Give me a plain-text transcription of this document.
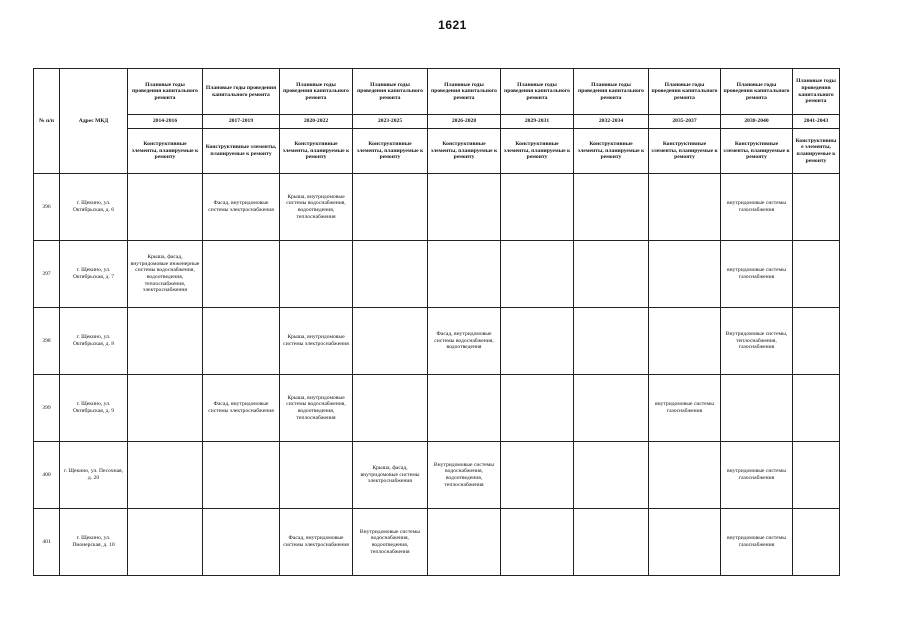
1621
№ п/п	Адрес МКД	Плановые годы проведения капитального ремонта	Плановые годы проведения капитального ремонта	Плановые годы проведения капитального ремонта	Плановые годы проведения капитального ремонта	Плановые годы проведения капитального ремонта	Плановые годы проведения капитального ремонта	Плановые годы проведения капитального ремонта	Плановые годы проведения капитального ремонта	Плановые годы проведения капитального ремонта	Плановые годы проведения капитального ремонта
		2014-2016	2017-2019	2020-2022	2023-2025	2026-2028	2029-2031	2032-2034	2035-2037	2038-2040	2041-2043
		Конструктивные элементы, планируемые к ремонту	Конструктивные элементы, планируемые к ремонту	Конструктивные элементы, планируемые к ремонту	Конструктивные элементы, планируемые к ремонту	Конструктивные элементы, планируемые к ремонту	Конструктивные элементы, планируемые к ремонту	Конструктивные элементы, планируемые к ремонту	Конструктивные элементы, планируемые к ремонту	Конструктивные элементы, планируемые к ремонту	Конструктивные элементы, планируемые к ремонту
396	г. Щекино, ул. Октябрьская, д. 6		Фасад, внутридомовые системы электроснабжения	Крыша, внутридомовые системы водоснабжения, водоотведения, теплоснабжения						внутридомовые системы газоснабжения	
397	г. Щекино, ул. Октябрьская, д. 7	Крыша, фасад, внутридомовые инженерные системы водоснабжения, водоотведения, теплоснабжения, электроснабжения								внутридомовые системы газоснабжения	
398	г. Щекино, ул. Октябрьская, д. 8			Крыша, внутридомовые системы электроснабжения		Фасад, внутридомовые системы водоснабжения, водоотведения				Внутридомовые системы, теплоснабжения, газоснабжения	
399	г. Щекино, ул. Октябрьская, д. 9		Фасад, внутридомовые системы электроснабжения	Крыша, внутридомовые системы водоснабжения, водоотведения, теплоснабжения					внутридомовые системы газоснабжения		
400	г. Щекино, ул. Песочная, д. 20				Крыша, фасад, внутридомовые системы электроснабжения	Внутридомовые системы водоснабжения, водоотведения, теплоснабжения				внутридомовые системы газоснабжения	
401	г. Щекино, ул. Пионерская, д. 10			Фасад, внутридомовые системы электроснабжения	Внутридомовые системы водоснабжения, водоотведения, теплоснабжения					внутридомовые системы газоснабжения	
